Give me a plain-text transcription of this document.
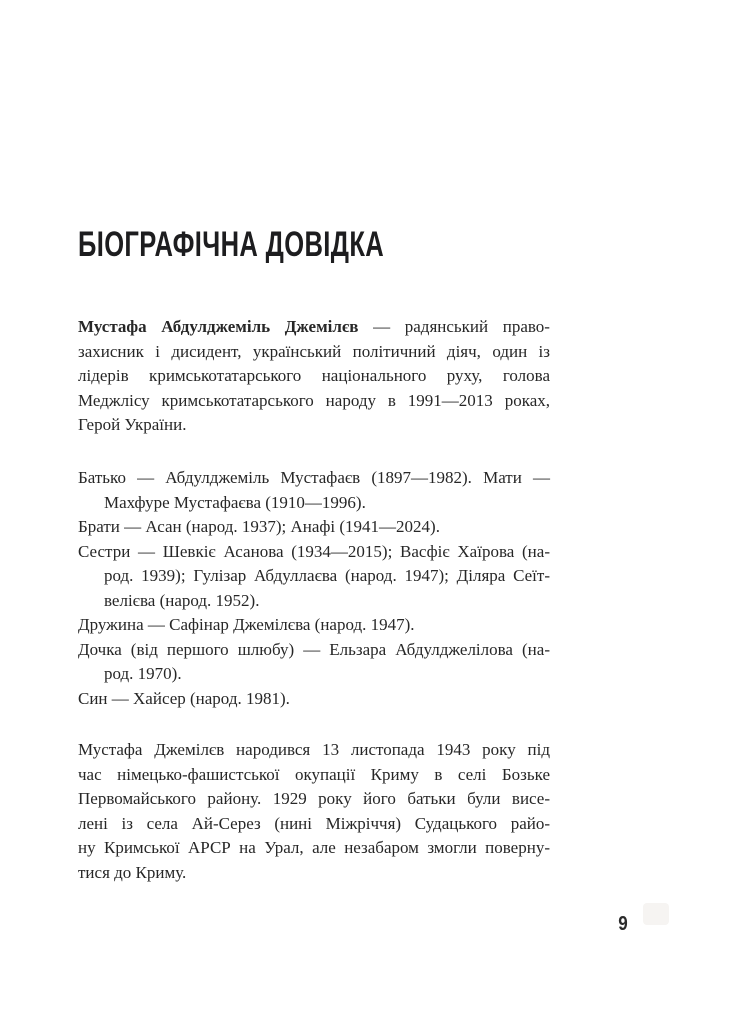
БІОГРАФІЧНА ДОВІДКА
Мустафа Абдулджеміль Джемілєв — радянський право-
захисник і дисидент, український політичний діяч, один із
лідерів кримськотатарського національного руху, голова
Меджлісу кримськотатарського народу в 1991—2013 роках,
Герой України.
Батько — Абдулджеміль Мустафаєв (1897—1982). Мати —
Махфуре Мустафаєва (1910—1996).
Брати — Асан (народ. 1937); Анафі (1941—2024).
Сестри — Шевкіє Асанова (1934—2015); Васфіє Хаїрова (на-
род. 1939); Гулізар Абдуллаєва (народ. 1947); Діляра Сеїт-
велієва (народ. 1952).
Дружина — Сафінар Джемілєва (народ. 1947).
Дочка (від першого шлюбу) — Ельзара Абдулджелілова (на-
род. 1970).
Син — Хайсер (народ. 1981).
Мустафа Джемілєв народився 13 листопада 1943 року під
час німецько-фашистської окупації Криму в селі Бозьке
Первомайського району. 1929 року його батьки були висе-
лені із села Ай-Серез (нині Міжріччя) Судацького райо-
ну Кримської АРСР на Урал, але незабаром змогли поверну-
тися до Криму.
9
